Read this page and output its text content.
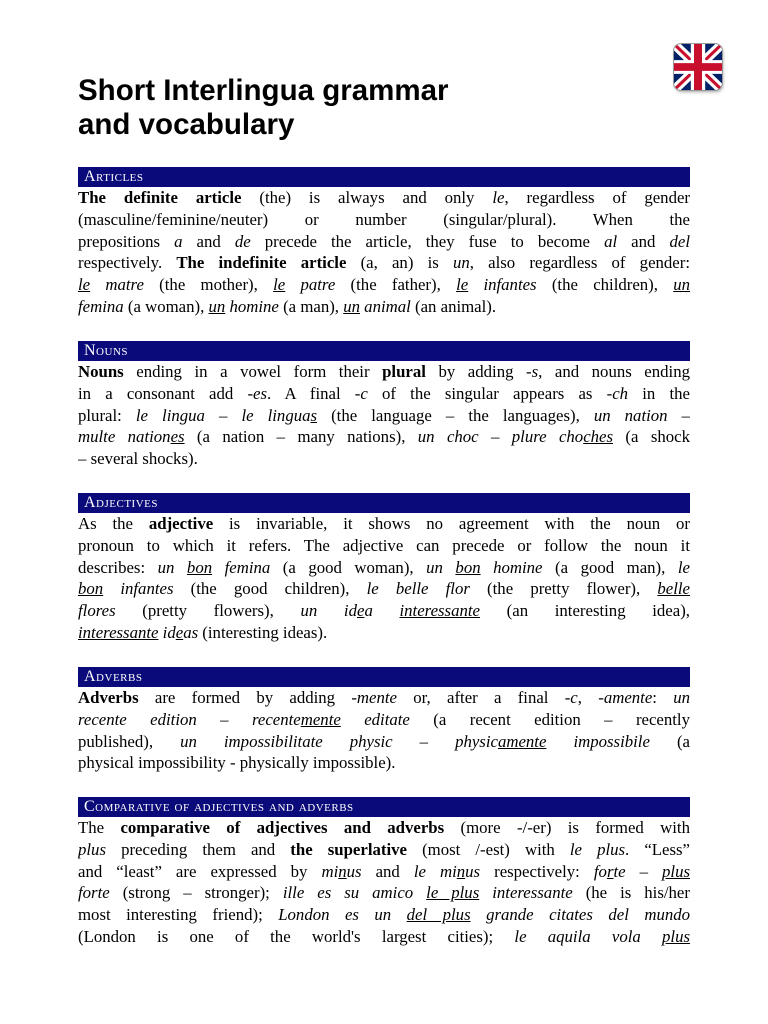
Short Interlingua grammar
and vocabulary
Articles
The definite article (the) is always and only le, regardless of gender
(masculine/feminine/neuter) or number (singular/plural). When the
prepositions a and de precede the article, they fuse to become al and del
respectively. The indefinite article (a, an) is un, also regardless of gender:
le matre (the mother), le patre (the father), le infantes (the children), un
femina (a woman), un homine (a man), un animal (an animal).
Nouns
Nouns ending in a vowel form their plural by adding -s, and nouns ending
in a consonant add -es. A final -c of the singular appears as -ch in the
plural: le lingua – le linguas (the language – the languages), un nation –
multe nationes (a nation – many nations), un choc – plure choches (a shock
– several shocks).
Adjectives
As the adjective is invariable, it shows no agreement with the noun or
pronoun to which it refers. The adjective can precede or follow the noun it
describes: un bon femina (a good woman), un bon homine (a good man), le
bon infantes (the good children), le belle flor (the pretty flower), belle
flores (pretty flowers), un idea interessante (an interesting idea),
interessante ideas (interesting ideas).
Adverbs
Adverbs are formed by adding -mente or, after a final -c, -amente: un
recente edition – recentemente editate (a recent edition – recently
published), un impossibilitate physic – physicamente impossibile (a
physical impossibility - physically impossible).
Comparative of adjectives and adverbs
The comparative of adjectives and adverbs (more -/-er) is formed with
plus preceding them and the superlative (most /-est) with le plus. “Less”
and “least” are expressed by minus and le minus respectively: forte – plus
forte (strong – stronger); ille es su amico le plus interessante (he is his/her
most interesting friend); London es un del plus grande citates del mundo
(London is one of the world's largest cities); le aquila vola plus
